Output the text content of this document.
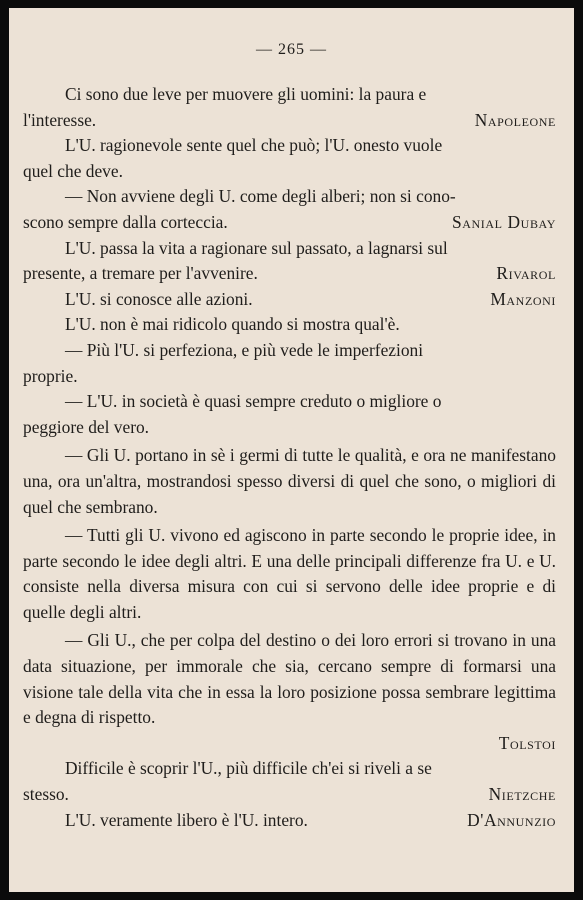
— 265 —

Ci sono due leve per muovere gli uomini: la paura e

l'interesse.	Napoleone

L'U. ragionevole sente quel che può; l'U. onesto vuole

quel che deve.

— Non avviene degli U. come degli alberi; non si cono-

scono sempre dalla corteccia.	Sanial Dubay

L'U. passa la vita a ragionare sul passato, a lagnarsi sul

presente, a tremare per l'avvenire.	Rivarol
L'U. si conosce alle azioni.	Manzoni

L'U. non è mai ridicolo quando si mostra qual'è.

— Più l'U. si perfeziona, e più vede le imperfezioni

proprie.

— L'U. in società è quasi sempre creduto o migliore o

peggiore del vero.

— Gli U. portano in sè i germi di tutte le qualità, e ora ne manifestano una, ora un'altra, mostrandosi spesso diversi di quel che sono, o migliori di quel che sembrano.

— Tutti gli U. vivono ed agiscono in parte secondo le proprie idee, in parte secondo le idee degli altri. E una delle principali differenze fra U. e U. consiste nella diversa misura con cui si servono delle idee proprie e di quelle degli altri.

— Gli U., che per colpa del destino o dei loro errori si trovano in una data situazione, per immorale che sia, cercano sempre di formarsi una visione tale della vita che in essa la loro posizione possa sembrare legittima e degna di rispetto.

Tolstoi

Difficile è scoprir l'U., più difficile ch'ei si riveli a se

stesso.	Nietzche
L'U. veramente libero è l'U. intero.	D'Annunzio
